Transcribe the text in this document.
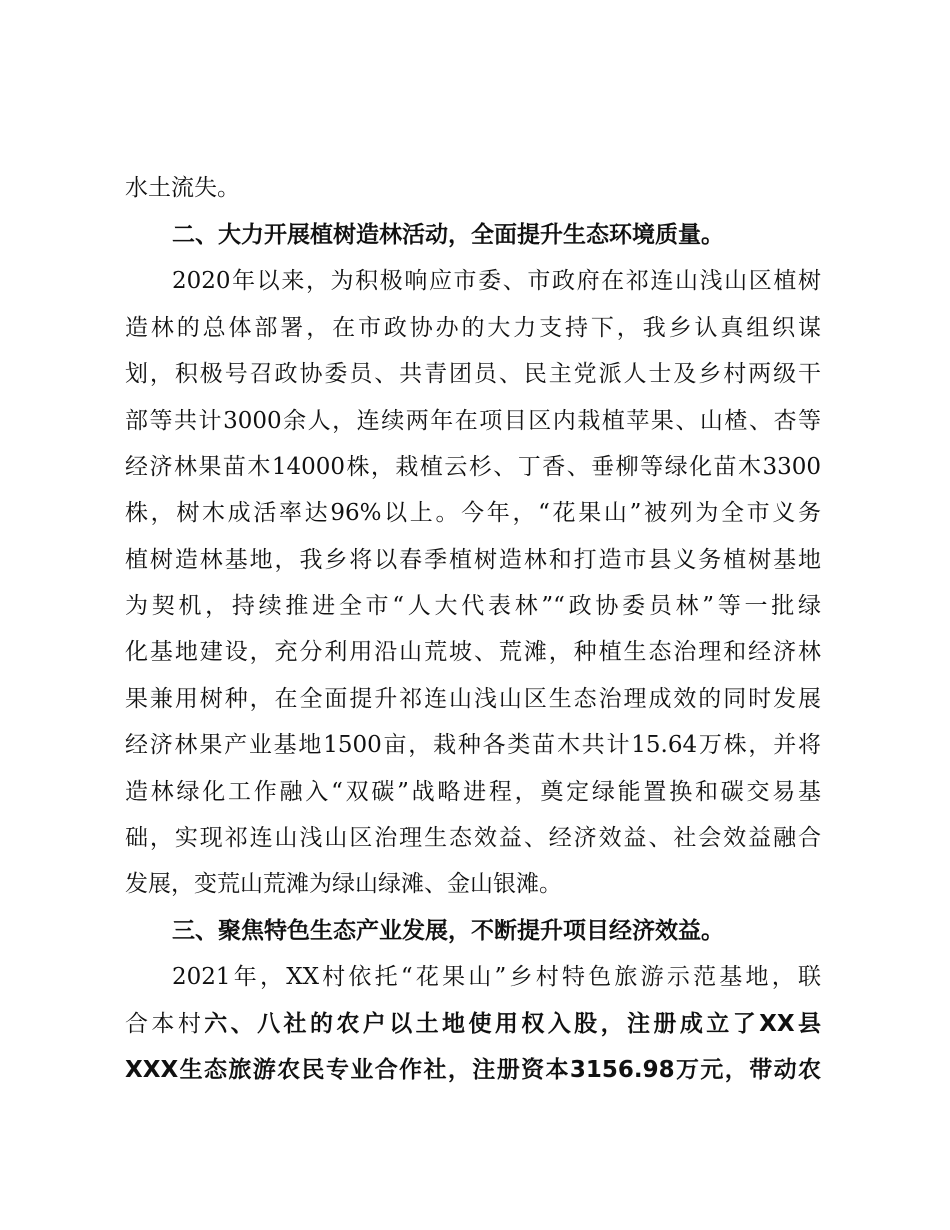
水土流失。
二、大力开展植树造林活动，全面提升生态环境质量。
2020年以来，为积极响应市委、市政府在祁连山浅山区植树
造林的总体部署，在市政协办的大力支持下，我乡认真组织谋
划，积极号召政协委员、共青团员、民主党派人士及乡村两级干
部等共计3000余人，连续两年在项目区内栽植苹果、山楂、杏等
经济林果苗木14000株，栽植云杉、丁香、垂柳等绿化苗木3300
株，树木成活率达96%以上。今年，“花果山”被列为全市义务
植树造林基地，我乡将以春季植树造林和打造市县义务植树基地
为契机，持续推进全市“人大代表林”“政协委员林”等一批绿
化基地建设，充分利用沿山荒坡、荒滩，种植生态治理和经济林
果兼用树种，在全面提升祁连山浅山区生态治理成效的同时发展
经济林果产业基地1500亩，栽种各类苗木共计15.64万株，并将
造林绿化工作融入“双碳”战略进程，奠定绿能置换和碳交易基
础，实现祁连山浅山区治理生态效益、经济效益、社会效益融合
发展，变荒山荒滩为绿山绿滩、金山银滩。
三、聚焦特色生态产业发展，不断提升项目经济效益。
2021年，XX村依托“花果山”乡村特色旅游示范基地，联
合本村六、八社的农户以土地使用权入股，注册成立了XX县
XXX生态旅游农民专业合作社，注册资本3156.98万元，带动农
